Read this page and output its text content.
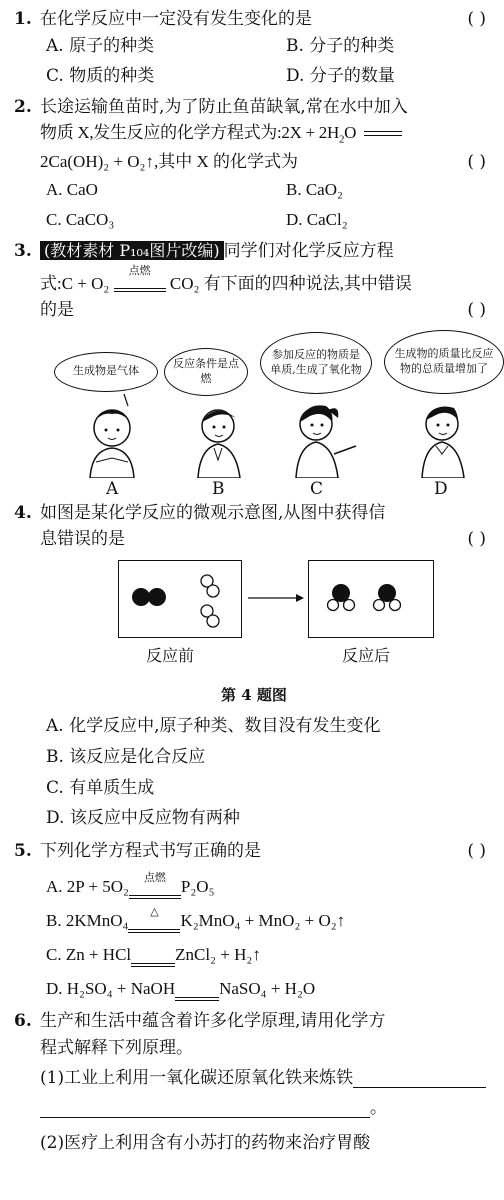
1. 在化学反应中一定没有发生变化的是	( )
A. 原子的种类	B. 分子的种类
C. 物质的种类	D. 分子的数量
2. 长途运输鱼苗时,为了防止鱼苗缺氧,常在水中加入
物质 X,发生反应的化学方程式为:2X + $2H_2O$
2Ca(OH)₂ + O₂↑,其中 X 的化学式为	( )
A. CaO	B. CaO₂
C. CaCO₃	D. CaCl₂
3. (教材素材 P₁₀₄图片改编) 同学们对化学反应方程
式:C + O₂
点燃
CO₂ 有下面的四种说法,其中错误
的是	( )
生成物是气体
反应条件是点燃
参加反应的物质是单质,生成了氧化物
生成物的质量比反应物的总质量增加了
A	B	C	D
4. 如图是某化学反应的微观示意图,从图中获得信
息错误的是	( )
反应前	反应后
第 4 题图
A. 化学反应中,原子种类、数目没有发生变化
B. 该反应是化合反应
C. 有单质生成
D. 该反应中反应物有两种
5. 下列化学方程式书写正确的是	( )
A. 2P + 5O₂	点燃 P₂O₅
B. 2KMnO₄	△	K₂MnO₄ + MnO₂ + O₂↑
C. Zn + HCl	ZnCl₂ + H₂↑
D. H₂SO₄ + NaOH	NaSO₄ + H₂O
6. 生产和生活中蕴含着许多化学原理,请用化学方
程式解释下列原理。
(1)工业上利用一氧化碳还原氧化铁来炼铁
。
(2)医疗上利用含有小苏打的药物来治疗胃酸
